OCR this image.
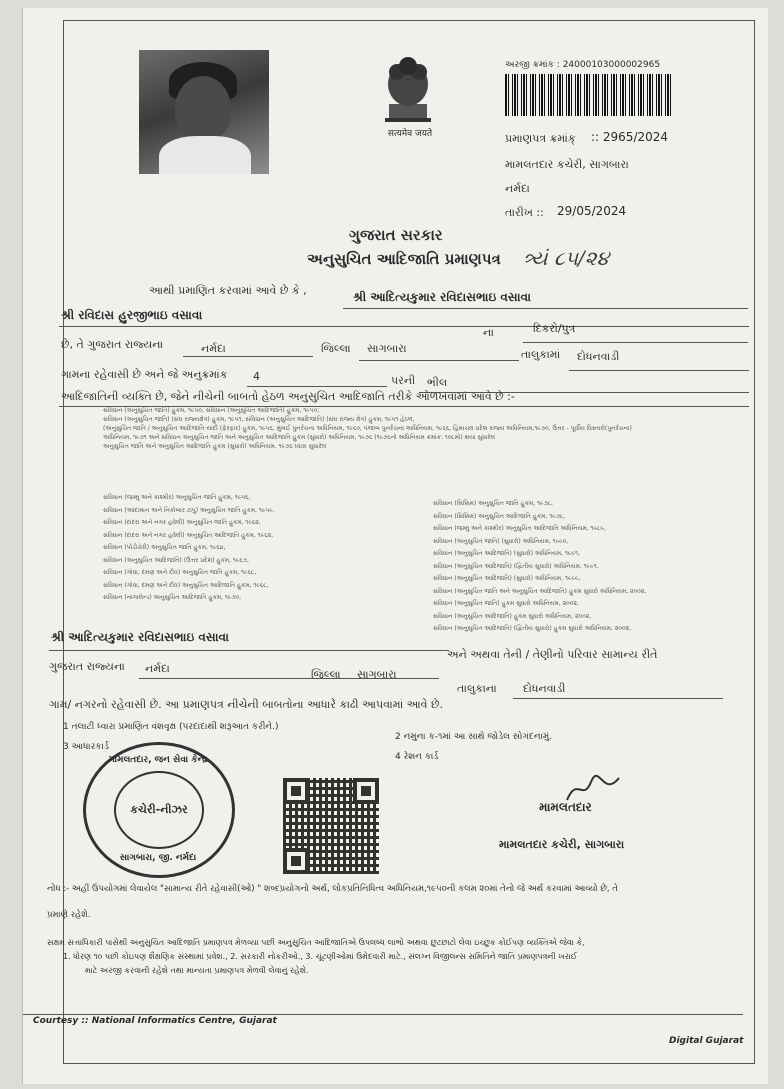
सत्यमेव जयते
અરજી ક્રમાંક : 24000103000002965
પ્રમાણપત્ર ક્રમાંક્ :: 2965/2024
મામલતદાર કચેરી, સાગબારા
નર્મદા
તારીખ :: 29/05/2024
ગુજરાત સરકાર
અનુસુચિત આદિજાતિ પ્રમાણપત્ર ત્ર્યં ૮૫/૨૪
આથી પ્રમાણિત કરવામાં આવે છે કે ,	શ્રી આદિત્યકુમાર રવિદાસભાઇ વસાવા
શ્રી રવિદાસ હુરજીભાઇ વસાવા
ના	દિકરો/પુત્ર
છે, તે ગુજરાત રાજ્યના	નર્મદા	જિલ્લા સાગબારા	તાલુકામાં દોધનવાડી
ગામના રહેવાસી છે અને જે અનુક્રમાંક 4	પરની ભીલ
આદિજાતિની વ્યક્તિ છે, જેને નીચેની બાબતો હેઠળ અનુસુચિત આદિજાતિ તરીકે ઓળખવામાં આવે છે :-
સંવિધાન (અનુસુચિત જાતિ) હુકમ, ૧૯૫૦, સંવિધાન (અનુસુચિત આદિજાતિ) હુકમ, ૧૯૫૦;
સંવિધાન (અનુસુચિત જાતિ) (સંઘ રાજ્યક્ષેત્ર) હુકમ, ૧૯૫૧, સંવિધાન (અનુસુચિત આદિજાતિ) (સંઘ રાજ્ય ક્ષેત્ર) હુકમ, ૧૯૫૧ હેઠળ,
(અનુસુચિત જાતિ / અનુસુચિત આદિજાતિ યાદી (ફેરફાર) હુકમ, ૧૯૫૬, મુંબઈ પુનર્રચના અધિનિયમ, ૧૯૬૦, પંજાબ પુનર્રચના અધિનિયમ, ૧૯૬૬, હિમાચલ પ્રદેશ રાજ્ય અધિનિયમ,૧૯૭૦, ઉત્તર - પૂર્વીય વિસ્તારો(પુનર્રચના)
અધિનિયમ, ૧૯૭૧ અને સંવિધાન અનુસુચિત જાતિ અને અનુસુચિત આદિજાતિ હુકમ (સુધારો) અધિનિયમ, ૧૯૭૬ (૧૯૭૬નો અધિનિયમ ક્રમાંક: ૧૦૮મો) થયા સુધારેલ
અનુસુચિત જાતિ અને અનુસુચિત આદિજાતિ હુકમ (સુધારો) અધિનિયમ, ૧૯૭૬ ધ્વારા સુધારેલ
સંવિધાન (જમ્મુ અને કાશ્મીર) અનુસુચિત જાતિ હુકમ, ૧૯૫૬,
સંવિધાન (આંદામાન અને નિકોબાર ટાપુ) અનુસુચિત જાતિ હુકમ, ૧૯૫૯,
સંવિધાન (દાદરા અને નગર હવેલી) અનુસુચિત જાતિ હુકમ, ૧૯૬૨,
સંવિધાન (દાદરા અને નગર હવેલી) અનુસુચિત આદિજાતિ હુકમ, ૧૯૬૨,
સંવિધાન (પોંડીચેરી) અનુસુચિત જાતિ હુકમ, ૧૯૬૪,
સંવિધાન (અનુસુચિત આદિજાતિ) (ઉત્તર પ્રદેશ) હુકમ, ૧૯૬૭,
સંવિધાન (ગોવા, દમણ અને દીવ) અનુસુચિત જાતિ હુકમ, ૧૯૬૮,
સંવિધાન (ગોવા, દમણ અને દીવ) અનુસુચિત આદિજાતિ હુકમ, ૧૯૬૮,
સંવિધાન (નાગાલેન્ડ) અનુસુચિત આદિજાતિ હુકમ, ૧૯૭૦,
સંવિધાન (સિક્કિમ) અનુસુચિત જાતિ હુકમ, ૧૯૭૮,
સંવિધાન (સિક્કિમ) અનુસુચિત આદિજાતિ હુકમ, ૧૯૭૮,
સંવિધાન (જમ્મુ અને કાશ્મીર) અનુસુચિત આદિજાતિ અધિનિયમ, ૧૯૮૯,
સંવિધાન (અનુસુચિત જાતિ) (સુધારો) અધિનિયમ, ૧૯૯૦,
સંવિધાન (અનુસુચિત આદિજાતિ) (સુધારો) અધિનિયમ, ૧૯૯૧,
સંવિધાન (અનુસુચિત આદિજાતિ) (દ્વિતીય સુધારો) અધિનિયમ, ૧૯૯૧,
સંવિધાન (અનુસુચિત આદિજાતિ) (સુધારો) અધિનિયમ, ૧૯૯૯,
સંવિધાન (અનુસુચિત જાતિ અને અનુસુચિત આદિજાતિ) હુકમ સુધારો અધિનિયમ, ૨૦૦૨,
સંવિધાન (અનુસુચિત જાતિ) હુકમ સુધારો અધિનિયમ, ૨૦૦૨,
સંવિધાન (અનુસુચિત આદિજાતિ) હુકમ સુધારો અધિનિયમ, ૨૦૦૨,
સંવિધાન (અનુસુચિત આદિજાતિ) (દ્વિતીય સુધારો) હુકમ સુધારો અધિનિયમ, ૨૦૦૨,
શ્રી આદિત્યકુમાર રવિદાસભાઇ વસાવા
અને અથવા તેની / તેણીનો પરિવાર સામાન્ય રીતે
ગુજરાત રાજ્યના નર્મદા	જિલ્લા સાગબારા
તાલુકાના દોધનવાડી
ગામ/ નગરનો રહેવાસી છે. આ પ્રમાણપત્ર નીચેની બાબતોના આધારે કાઢી આપવામાં આવે છે.
1 તલાટી ધ્વારા પ્રમાણિત વંશવૃક્ષ (પરદાદાથી શરૂઆત કરીને.)
2 નમુના ક-૧માં આ સાથે જોડેલ સોગંદનામું.
3 આધારકાર્ડ
4 રેશન કાર્ડ
મામલતદાર, જન સેવા કેન્દ્ર
કચેરી-નીઝર
સાગબારા, જી. નર્મદા
મામલતદાર
મામલતદાર કચેરી, સાગબારા
નોંધ :- અહીં ઉપયોગમાં લેવાયેલ "સામાન્ય રીતે રહેવાસી(ઓ) " શબ્દપ્રયોગનો અર્થ, લોકપ્રતિનિધિત્વ અધિનિયમ,૧૯૫૦ની કલમ ૨૦માં તેનો જે અર્થ કરવામાં આવ્યો છે, તે
પ્રમાણે રહેશે.
સક્ષમ સત્તાધિકારી પાસેથી અનુસુચિત આદિજાતિ પ્રમાણપત્ર મેળવ્યા પછી અનુસુચિત આદિજાતિએ ઉપલબ્ધ લાભો અથવા છુટછાટો લેવા ઇચ્છુક કોઈપણ વ્યક્તિએ જેવા કે,
1. ધોરણ ૧૦ પછી કોઇપણ શૈક્ષણિક સંસ્થામાં પ્રવેશ., 2. સરકારી નોકરીઓ., 3. ચૂંટણીઓમાં ઉમેદવારી માટે., સંલગ્ન વિજીલન્સ સમિતિને જાતિ પ્રમાણપત્રની ખરાઈ
માટે અરજી કરવાની રહેશે તથા માન્યતા પ્રમાણપત્ર મેળવી લેવાનું રહેશે.
Courtesy :: National Informatics Centre, Gujarat
Digital Gujarat
